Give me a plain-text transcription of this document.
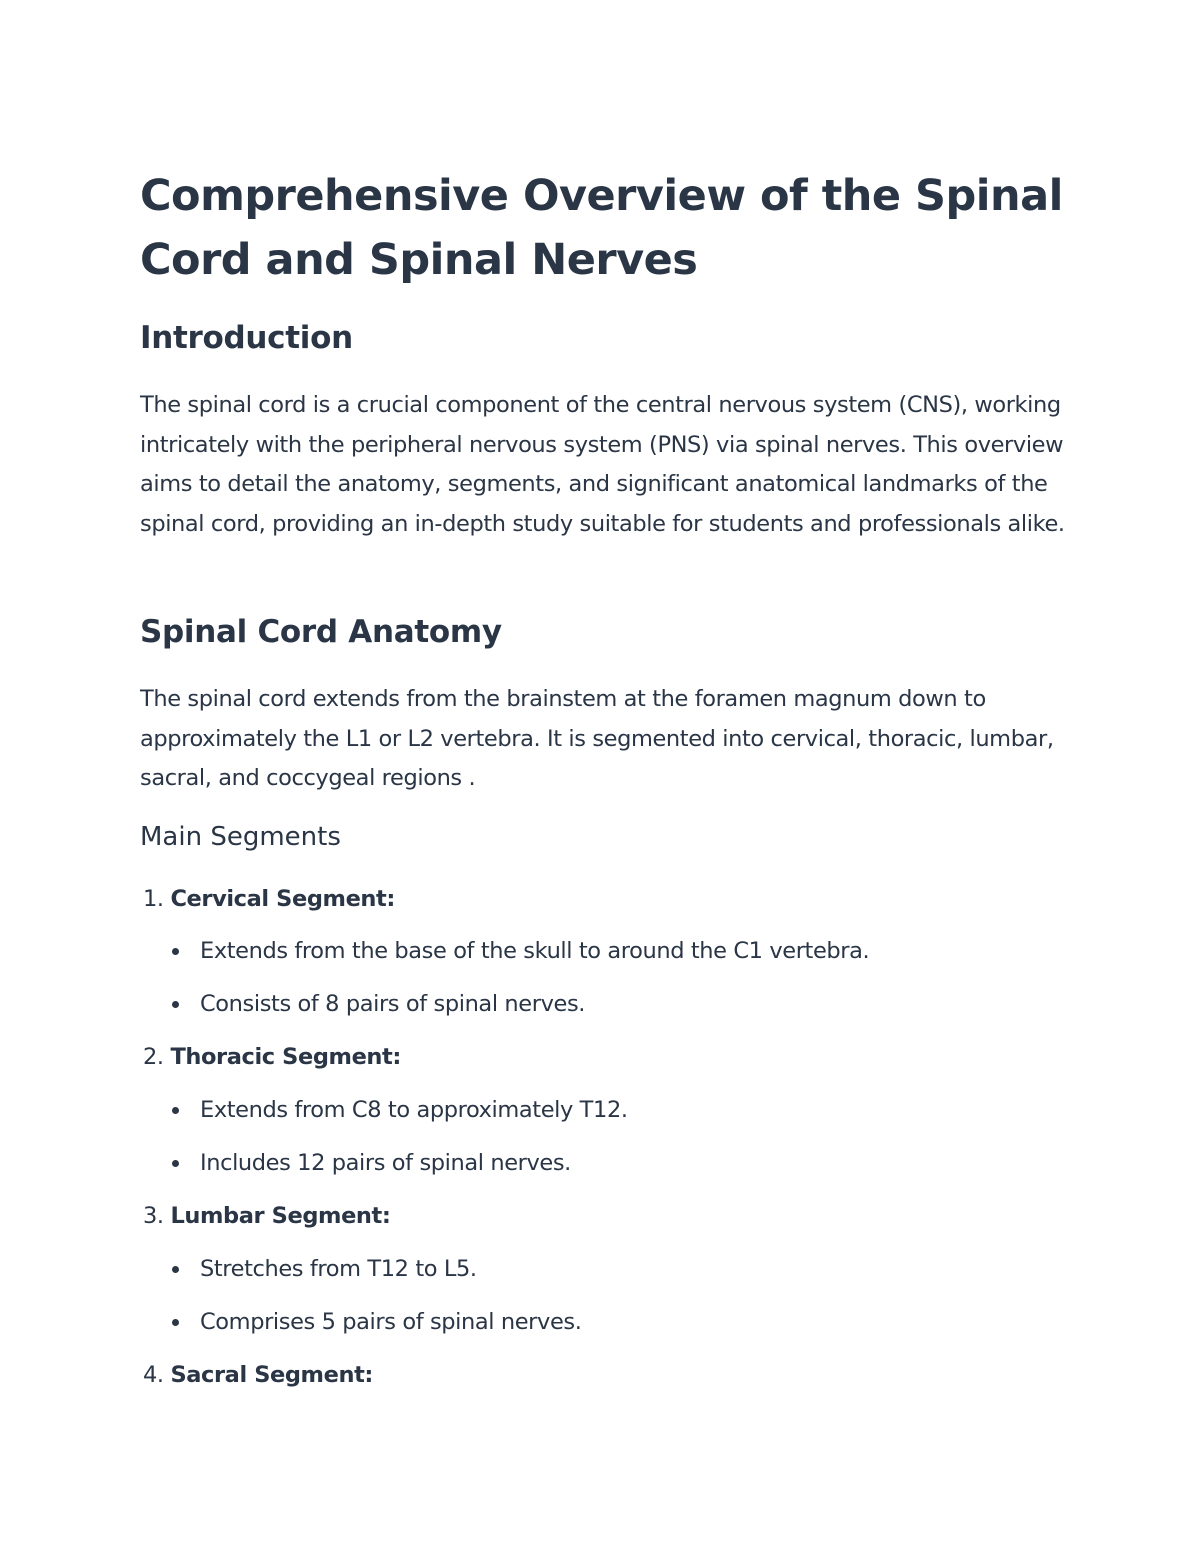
Comprehensive Overview of the Spinal Cord and Spinal Nerves
Introduction

The spinal cord is a crucial component of the central nervous system (CNS), working intricately with the peripheral nervous system (PNS) via spinal nerves. This overview aims to detail the anatomy, segments, and significant anatomical landmarks of the spinal cord, providing an in-depth study suitable for students and professionals alike.

Spinal Cord Anatomy

The spinal cord extends from the brainstem at the foramen magnum down to approximately the L1 or L2 vertebra. It is segmented into cervical, thoracic, lumbar, sacral, and coccygeal regions .

Main Segments
1. Cervical Segment:
Extends from the base of the skull to around the C1 vertebra.
Consists of 8 pairs of spinal nerves.
2. Thoracic Segment:
Extends from C8 to approximately T12.
Includes 12 pairs of spinal nerves.
3. Lumbar Segment:
Stretches from T12 to L5.
Comprises 5 pairs of spinal nerves.
4. Sacral Segment:
